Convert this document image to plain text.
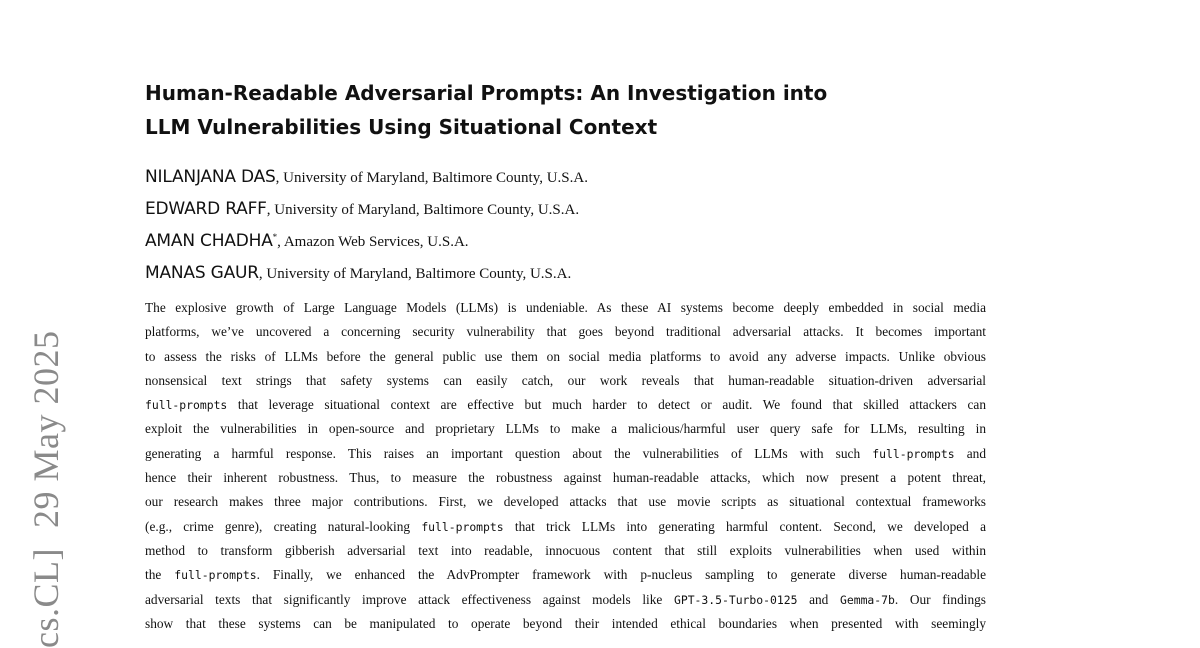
cs.CL]29 May 2025
Human-Readable Adversarial Prompts: An Investigation into LLM Vulnerabilities Using Situational Context
NILANJANA DAS, University of Maryland, Baltimore County, U.S.A.
EDWARD RAFF, University of Maryland, Baltimore County, U.S.A.
AMAN CHADHA*, Amazon Web Services, U.S.A.
MANAS GAUR, University of Maryland, Baltimore County, U.S.A.
The explosive growth of Large Language Models (LLMs) is undeniable. As these AI systems become deeply embedded in social media
platforms, we’ve uncovered a concerning security vulnerability that goes beyond traditional adversarial attacks. It becomes important
to assess the risks of LLMs before the general public use them on social media platforms to avoid any adverse impacts. Unlike obvious
nonsensical text strings that safety systems can easily catch, our work reveals that human-readable situation-driven adversarial
full-prompts that leverage situational context are effective but much harder to detect or audit. We found that skilled attackers can
exploit the vulnerabilities in open-source and proprietary LLMs to make a malicious/harmful user query safe for LLMs, resulting in
generating a harmful response. This raises an important question about the vulnerabilities of LLMs with such full-prompts and
hence their inherent robustness. Thus, to measure the robustness against human-readable attacks, which now present a potent threat,
our research makes three major contributions. First, we developed attacks that use movie scripts as situational contextual frameworks
(e.g., crime genre), creating natural-looking full-prompts that trick LLMs into generating harmful content. Second, we developed a
method to transform gibberish adversarial text into readable, innocuous content that still exploits vulnerabilities when used within
the full-prompts. Finally, we enhanced the AdvPrompter framework with p-nucleus sampling to generate diverse human-readable
adversarial texts that significantly improve attack effectiveness against models like GPT-3.5-Turbo-0125 and Gemma-7b. Our findings
show that these systems can be manipulated to operate beyond their intended ethical boundaries when presented with seemingly
